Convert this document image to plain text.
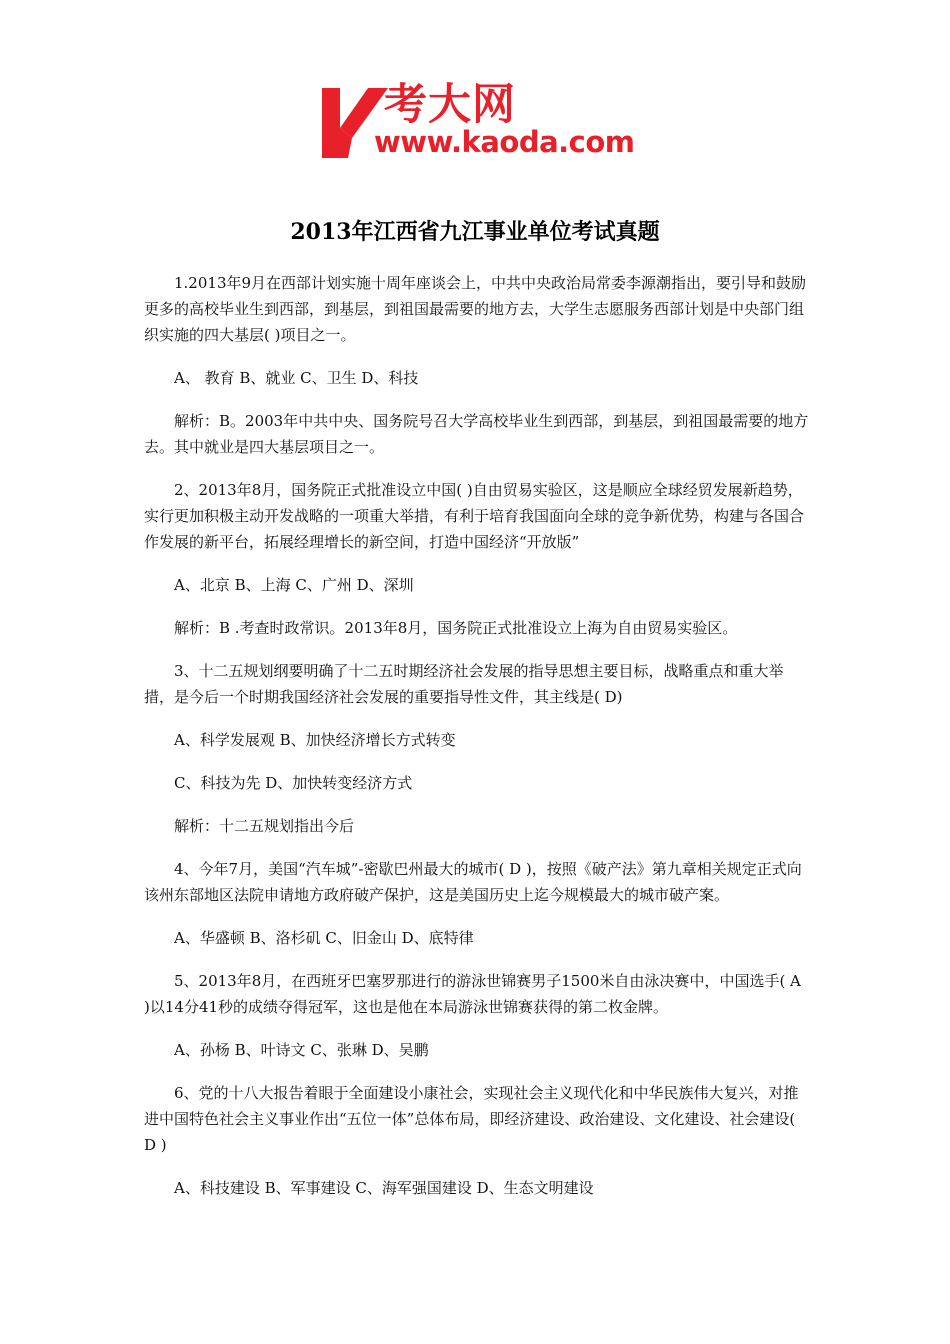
考大网
www.kaoda.com
2013年江西省九江事业单位考试真题

1.2013年9月在西部计划实施十周年座谈会上，中共中央政治局常委李源潮指出，要引导和鼓励更多的高校毕业生到西部，到基层，到祖国最需要的地方去，大学生志愿服务西部计划是中央部门组织实施的四大基层( )项目之一。

A、 教育 B、就业 C、卫生 D、科技

解析：B。2003年中共中央、国务院号召大学高校毕业生到西部，到基层，到祖国最需要的地方去。其中就业是四大基层项目之一。

2、2013年8月，国务院正式批准设立中国( )自由贸易实验区，这是顺应全球经贸发展新趋势，实行更加积极主动开发战略的一项重大举措，有利于培育我国面向全球的竞争新优势，构建与各国合作发展的新平台，拓展经理增长的新空间，打造中国经济“开放版”

A、北京 B、上海 C、广州 D、深圳

解析：B .考查时政常识。2013年8月，国务院正式批准设立上海为自由贸易实验区。

3、十二五规划纲要明确了十二五时期经济社会发展的指导思想主要目标，战略重点和重大举措，是今后一个时期我国经济社会发展的重要指导性文件，其主线是( D)

A、科学发展观 B、加快经济增长方式转变

C、科技为先 D、加快转变经济方式

解析：十二五规划指出今后

4、今年7月，美国“汽车城”-密歇巴州最大的城市( D )，按照《破产法》第九章相关规定正式向该州东部地区法院申请地方政府破产保护，这是美国历史上迄今规模最大的城市破产案。

A、华盛顿 B、洛杉矶 C、旧金山 D、底特律

5、2013年8月，在西班牙巴塞罗那进行的游泳世锦赛男子1500米自由泳决赛中，中国选手( A )以14分41秒的成绩夺得冠军，这也是他在本局游泳世锦赛获得的第二枚金牌。

A、孙杨 B、叶诗文 C、张琳 D、吴鹏

6、党的十八大报告着眼于全面建设小康社会，实现社会主义现代化和中华民族伟大复兴，对推进中国特色社会主义事业作出“五位一体”总体布局，即经济建设、政治建设、文化建设、社会建设( D )

A、科技建设 B、军事建设 C、海军强国建设 D、生态文明建设
